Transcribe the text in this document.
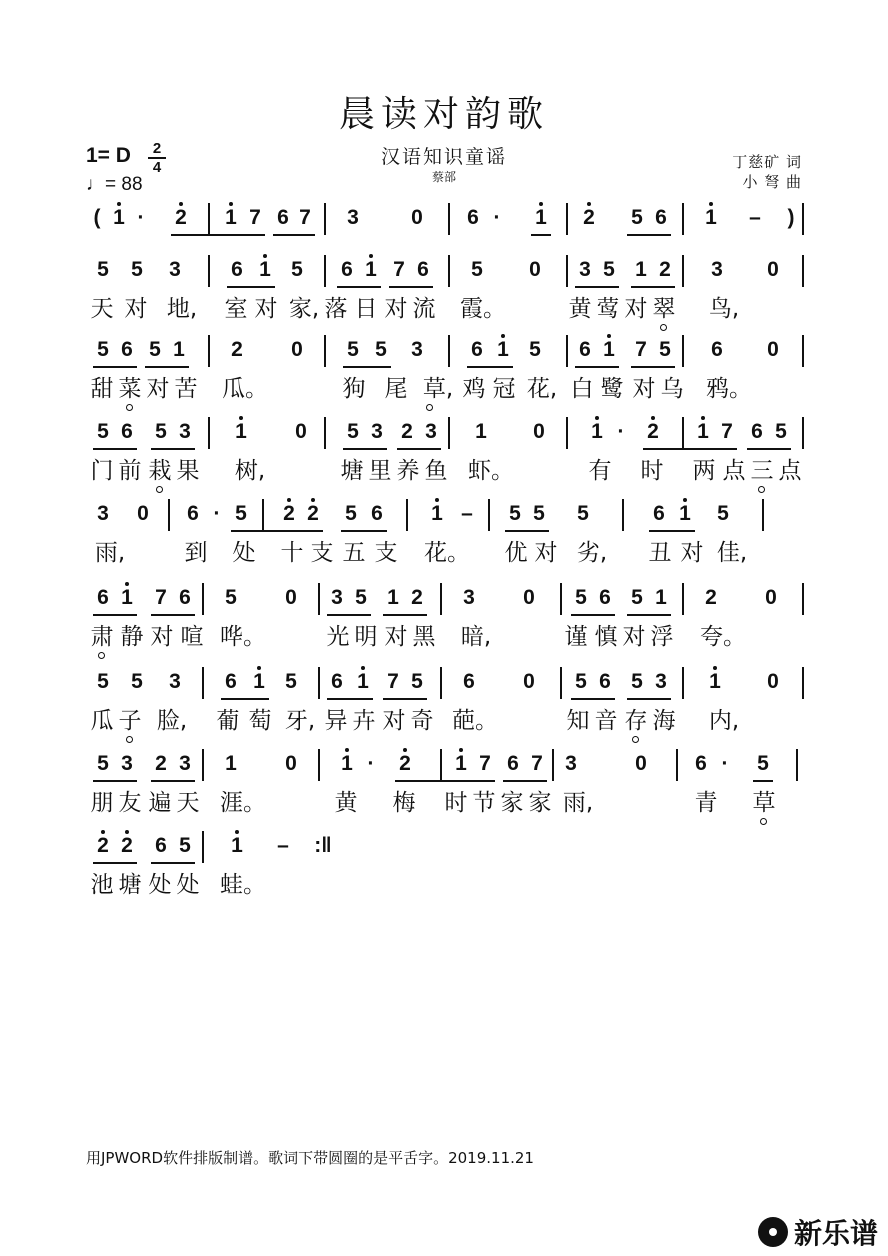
晨读对韵歌
汉语知识童谣
蔡部
1= D	2
4
♩= 88
丁慈矿 词
小 弩 曲
( 1 ·	2 1 7 6 7 3 0 6 ·	1 2 5 6 1 –	)
5 5 3 6 1 5 6 1 7 6 5 0 3 5 1 2 3 0
天 对 地, 室 对 家, 落 日 对 流 霞。	黄 莺 对 翠 鸟,
5 6 5 1 2 0 5 5 3 6 1 5 6 1 7 5 6 0
甜 菜 对 苦 瓜。	狗 尾 草, 鸡 冠 花, 白 鹭 对 乌 鸦。
5 6 5 3 1 0 5 3 2 3 1 0 1 ·	2 1 7 6 5
门 前 栽 果 树,	塘 里 养 鱼 虾。	有 时 两 点 三 点
3 0 6 · 5 2 2 5 6 1 – 5 5 5	6 1 5
雨,	到 处 十 支 五 支 花。 优 对 劣, 丑 对 佳,
6 1 7 6 5 0 3 5 1 2 3 0 5 6 5 1 2 0
肃 静 对 喧 哗。	光 明 对 黑 暗,	谨 慎 对 浮 夸。
5 5 3 6 1 5 6 1 7 5 6 0 5 6 5 3 1 0
瓜 子 脸, 葡 萄 牙, 异 卉 对 奇 葩。	知 音 存 海 内,
5 3 2 3 1 0 1 ·	2 1 7 6 7 3	0 6 ·	5
朋 友 遍 天 涯。	黄 梅 时 节 家 家 雨,	青 草
2 2 6 5 1 – :‖
池 塘 处 处 蛙。
用JPWORD软件排版制谱。歌词下带圆圈的是平舌字。2019.11.21
新乐谱
